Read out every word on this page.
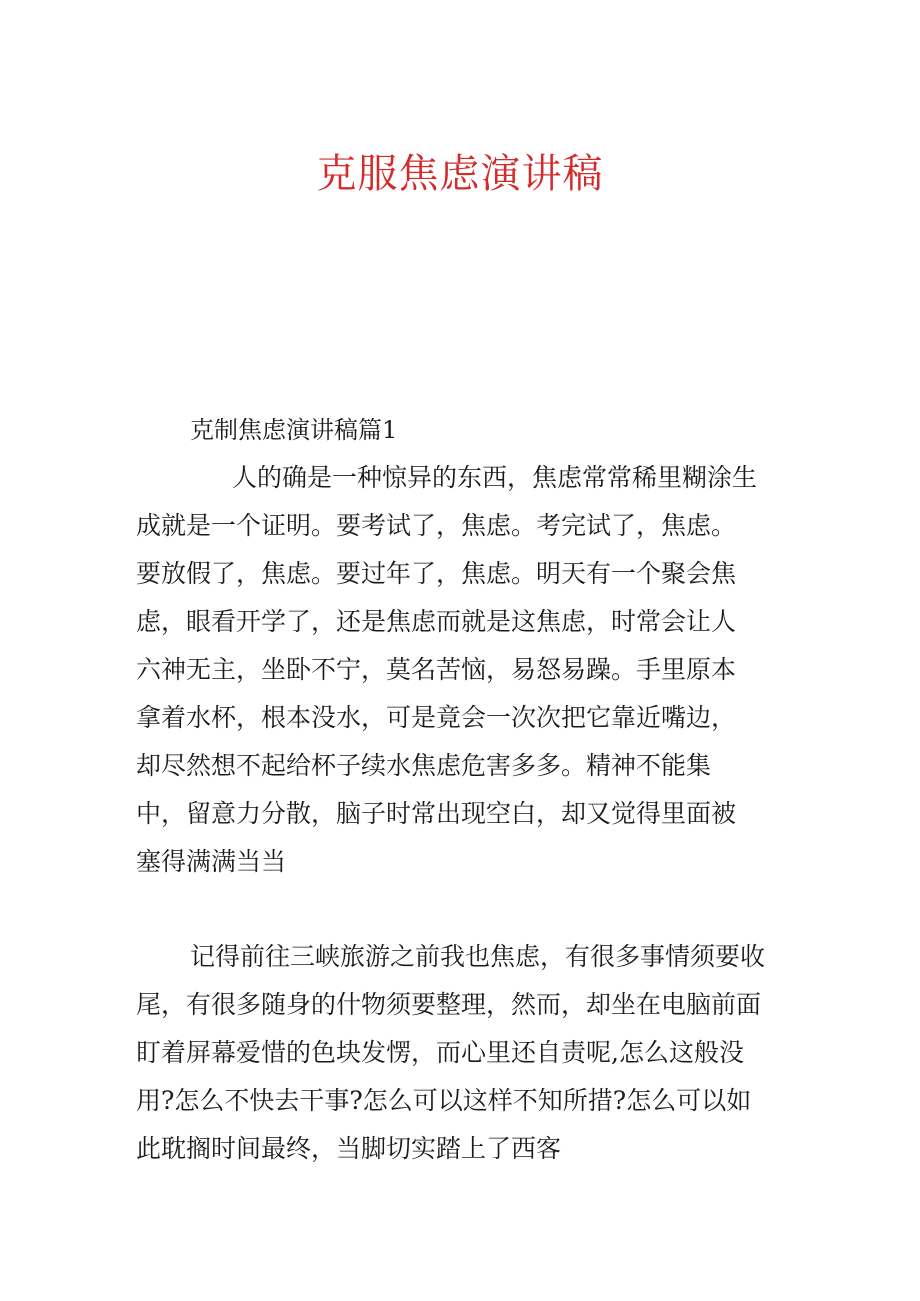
克服焦虑演讲稿
克制焦虑演讲稿篇1
人的确是一种惊异的东西，焦虑常常稀里糊涂生
成就是一个证明。要考试了，焦虑。考完试了，焦虑。
要放假了，焦虑。要过年了，焦虑。明天有一个聚会焦
虑，眼看开学了，还是焦虑而就是这焦虑，时常会让人
六神无主，坐卧不宁，莫名苦恼，易怒易躁。手里原本
拿着水杯，根本没水，可是竟会一次次把它靠近嘴边，
却尽然想不起给杯子续水焦虑危害多多。精神不能集
中，留意力分散，脑子时常出现空白，却又觉得里面被
塞得满满当当
记得前往三峡旅游之前我也焦虑，有很多事情须要收
尾，有很多随身的什物须要整理，然而，却坐在电脑前面
盯着屏幕爱惜的色块发愣，而心里还自责呢,怎么这般没
用?怎么不快去干事?怎么可以这样不知所措?怎么可以如
此耽搁时间最终，当脚切实踏上了西客
